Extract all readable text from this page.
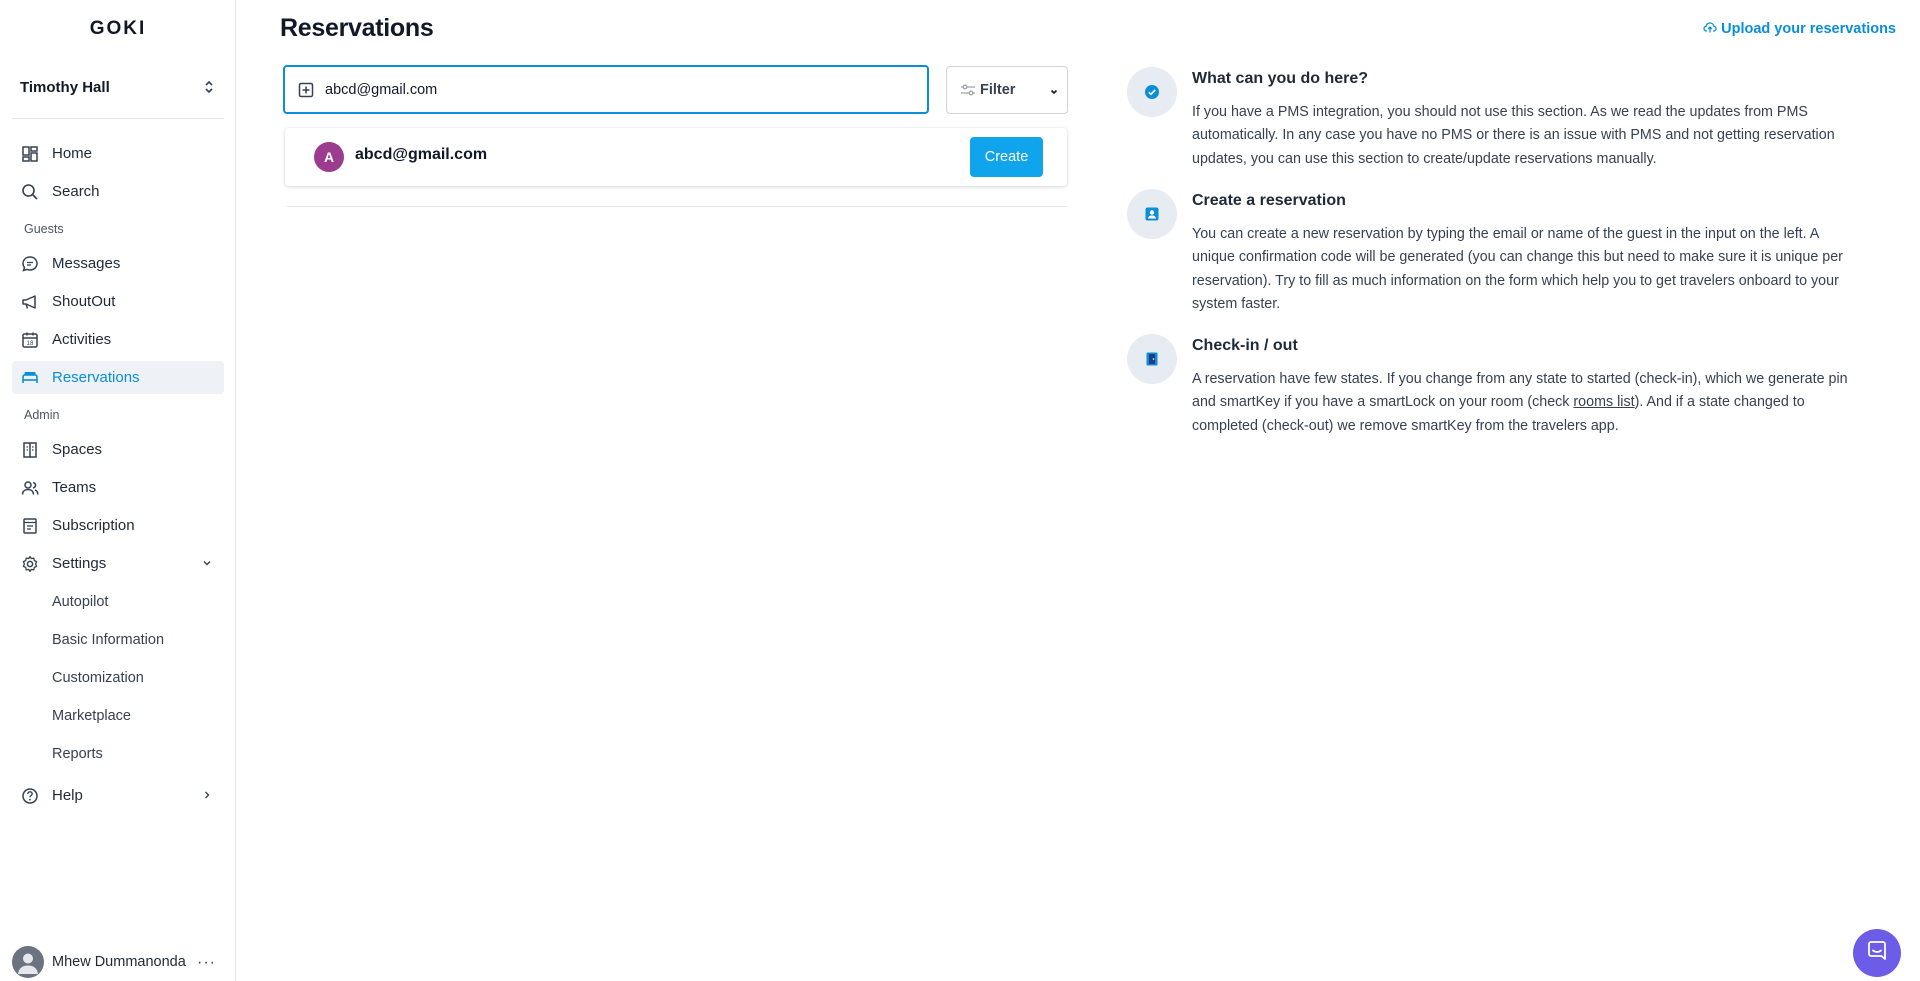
GOKI
Timothy Hall
Home
Search
Guests
Messages
ShoutOut
18 Activities
Reservations
Admin
Spaces
Teams
Subscription
Settings
Autopilot
Basic Information
Customization
Marketplace
Reports
Help
Mhew Dummanonda ···
Reservations	Upload your reservations
abcd@gmail.com
Filter
A	abcd@gmail.com	Create
What can you do here?
If you have a PMS integration, you should not use this section. As we read the updates from PMS automatically. In any case you have no PMS or there is an issue with PMS and not getting reservation updates, you can use this section to create/update reservations manually.
Create a reservation
You can create a new reservation by typing the email or name of the guest in the input on the left. A unique confirmation code will be generated (you can change this but need to make sure it is unique per reservation). Try to fill as much information on the form which help you to get travelers onboard to your system faster.
Check-in / out
A reservation have few states. If you change from any state to started (check-in), which we generate pin and smartKey if you have a smartLock on your room (check rooms list). And if a state changed to completed (check-out) we remove smartKey from the travelers app.
